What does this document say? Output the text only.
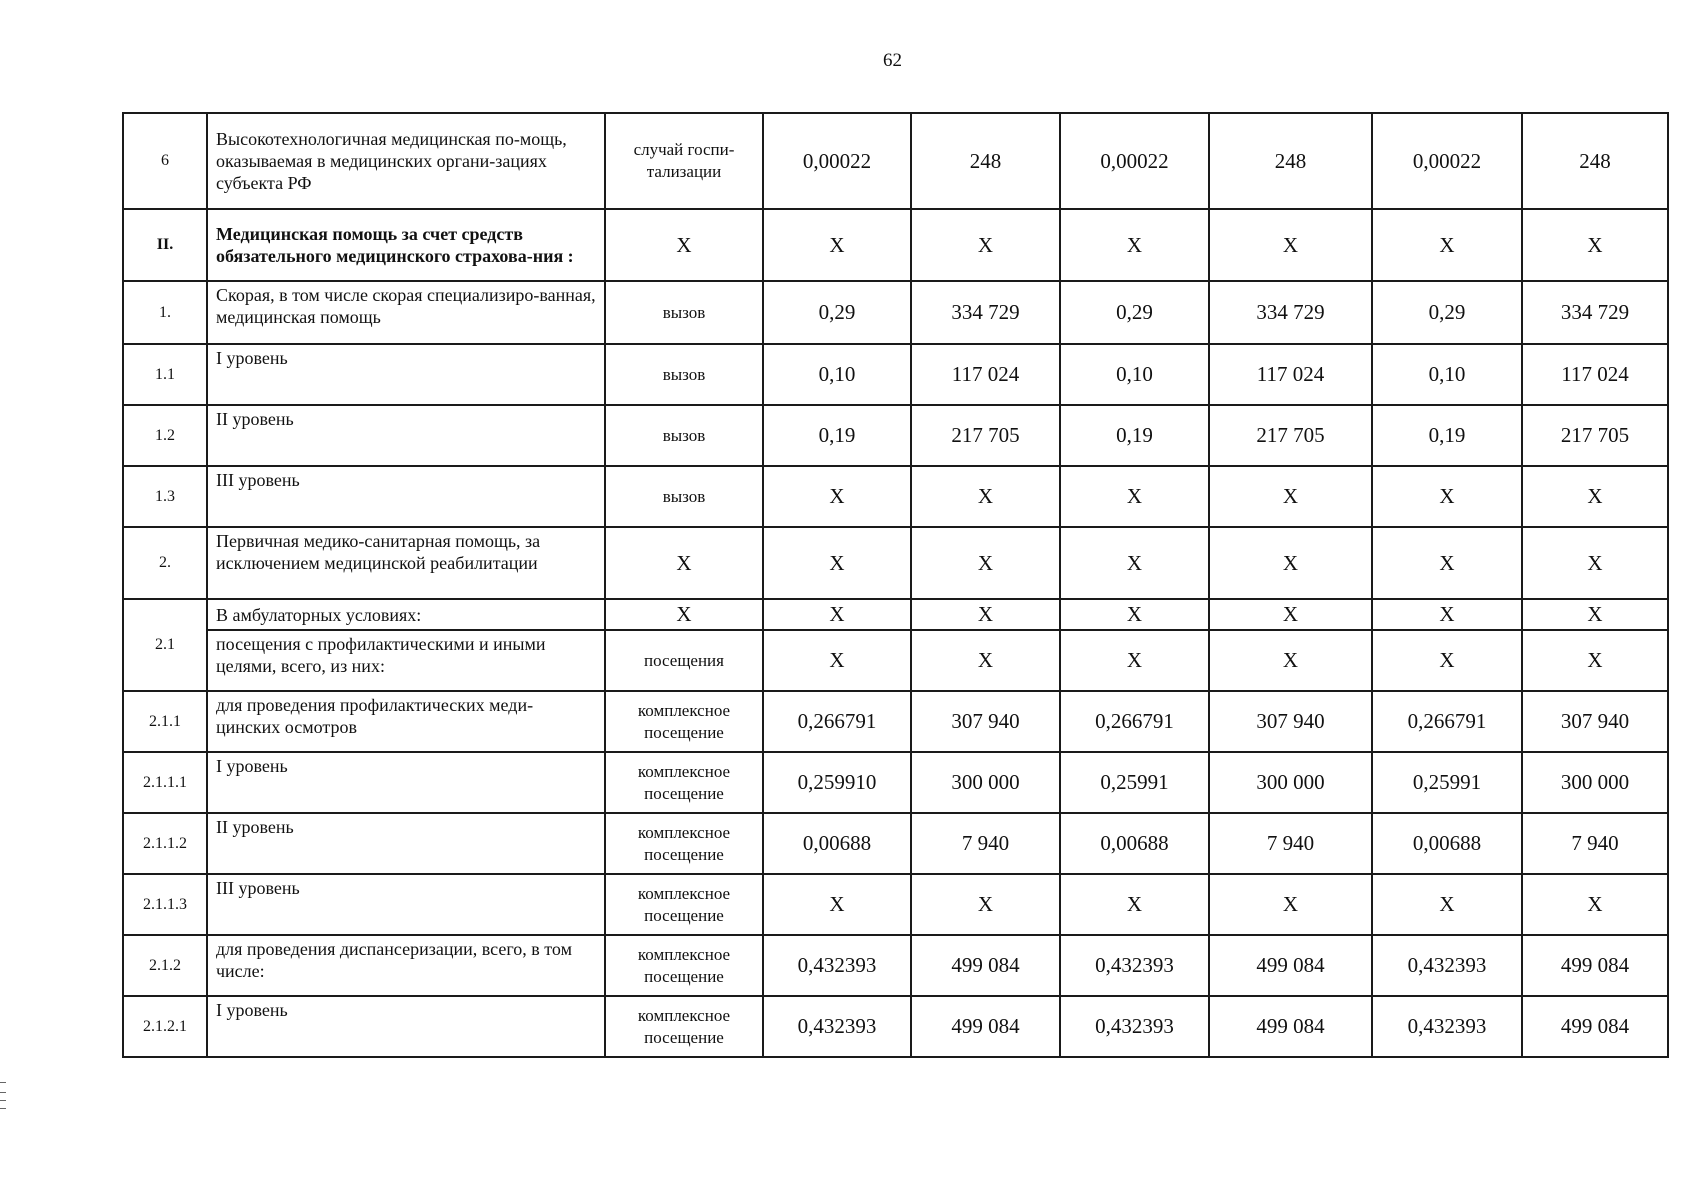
62
6	Высокотехнологичная медицинская по-мощь, оказываемая в медицинских органи-зациях субъекта РФ	случай госпи-тализации	0,00022	248	0,00022	248	0,00022	248
II.	Медицинская помощь за счет средств обязательного медицинского страхова-ния :	Х	Х	Х	Х	Х	Х	Х
1.	Скорая, в том числе скорая специализиро-ванная, медицинская помощь	вызов	0,29	334 729	0,29	334 729	0,29	334 729
1.1	I уровень	вызов	0,10	117 024	0,10	117 024	0,10	117 024
1.2	II уровень	вызов	0,19	217 705	0,19	217 705	0,19	217 705
1.3	III уровень	вызов	Х	Х	Х	Х	Х	Х
2.	Первичная медико-санитарная помощь, за исключением медицинской реабилитации	Х	Х	Х	Х	Х	Х	Х
2.1	В амбулаторных условиях:	Х	Х	Х	Х	Х	Х	Х
	посещения с профилактическими и иными целями, всего, из них:	посещения	Х	Х	Х	Х	Х	Х
2.1.1	для проведения профилактических меди-цинских осмотров	комплексное посещение	0,266791	307 940	0,266791	307 940	0,266791	307 940
2.1.1.1	I уровень	комплексное посещение	0,259910	300 000	0,25991	300 000	0,25991	300 000
2.1.1.2	II уровень	комплексное посещение	0,00688	7 940	0,00688	7 940	0,00688	7 940
2.1.1.3	III уровень	комплексное посещение	Х	Х	Х	Х	Х	Х
2.1.2	для проведения диспансеризации, всего, в том числе:	комплексное посещение	0,432393	499 084	0,432393	499 084	0,432393	499 084
2.1.2.1	I уровень	комплексное посещение	0,432393	499 084	0,432393	499 084	0,432393	499 084
